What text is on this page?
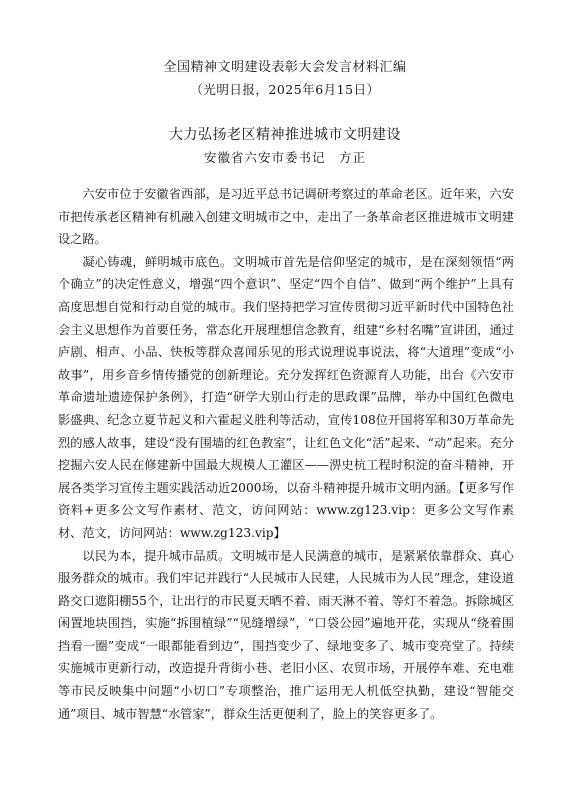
全国精神文明建设表彰大会发言材料汇编
（光明日报，2025年6月15日）
大力弘扬老区精神推进城市文明建设
安徽省六安市委书记　方正

六安市位于安徽省西部，是习近平总书记调研考察过的革命老区。近年来，六安市把传承老区精神有机融入创建文明城市之中，走出了一条革命老区推进城市文明建设之路。

凝心铸魂，鲜明城市底色。文明城市首先是信仰坚定的城市，是在深刻领悟“两个确立”的决定性意义，增强“四个意识”、坚定“四个自信”、做到“两个维护”上具有高度思想自觉和行动自觉的城市。我们坚持把学习宣传贯彻习近平新时代中国特色社会主义思想作为首要任务，常态化开展理想信念教育，组建“乡村名嘴”宣讲团，通过庐剧、相声、小品、快板等群众喜闻乐见的形式说理说事说法，将“大道理”变成“小故事”，用乡音乡情传播党的创新理论。充分发挥红色资源育人功能，出台《六安市革命遗址遗迹保护条例》，打造“研学大别山行走的思政课”品牌，举办中国红色微电影盛典、纪念立夏节起义和六霍起义胜利等活动，宣传108位开国将军和30万革命先烈的感人故事，建设“没有围墙的红色教室”，让红色文化“活”起来、“动”起来。充分挖掘六安人民在修建新中国最大规模人工灌区——淠史杭工程时积淀的奋斗精神，开展各类学习宣传主题实践活动近2000场，以奋斗精神提升城市文明内涵。【更多写作资料+更多公文写作素材、范文，访问网站：www.zg123.vip：更多公文写作素材、范文，访问网站：www.zg123.vip】

以民为本，提升城市品质。文明城市是人民满意的城市，是紧紧依靠群众、真心服务群众的城市。我们牢记并践行“人民城市人民建，人民城市为人民”理念，建设道路交口遮阳棚55个，让出行的市民夏天晒不着、雨天淋不着、等灯不着急。拆除城区闲置地块围挡，实施“拆围植绿”“见缝增绿”，“口袋公园”遍地开花，实现从“绕着围挡看一圈”变成“一眼都能看到边”，围挡变少了、绿地变多了、城市变亮堂了。持续实施城市更新行动，改造提升背街小巷、老旧小区、农贸市场，开展停车难、充电难等市民反映集中问题“小切口”专项整治，推广运用无人机低空执勤，建设“智能交通”项目、城市智慧“水管家”，群众生活更便利了，脸上的笑容更多了。
